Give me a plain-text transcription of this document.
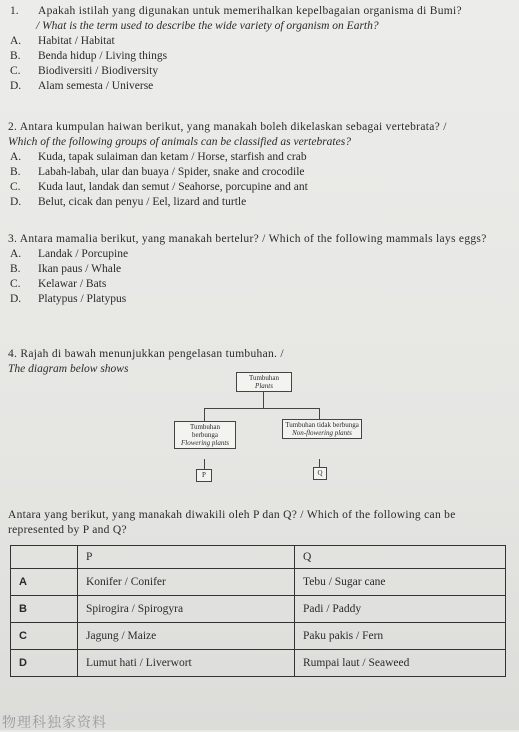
1.	Apakah istilah yang digunakan untuk memerihalkan kepelbagaian organisma di Bumi?
/ What is the term used to describe the wide variety of organism on Earth?
A.	Habitat / Habitat
B.	Benda hidup / Living things
C.	Biodiversiti / Biodiversity
D.	Alam semesta / Universe
2. Antara kumpulan haiwan berikut, yang manakah boleh dikelaskan sebagai vertebrata? /
Which of the following groups of animals can be classified as vertebrates?
A.	Kuda, tapak sulaiman dan ketam / Horse, starfish and crab
B.	Labah-labah, ular dan buaya / Spider, snake and crocodile
C.	Kuda laut, landak dan semut / Seahorse, porcupine and ant
D.	Belut, cicak dan penyu / Eel, lizard and turtle
3. Antara mamalia berikut, yang manakah bertelur? / Which of the following mammals lays eggs?
A.	Landak / Porcupine
B.	Ikan paus / Whale
C.	Kelawar / Bats
D.	Platypus / Platypus
4. Rajah di bawah menunjukkan pengelasan tumbuhan. /
The diagram below shows
Tumbuhan
Plants
Tumbuhan berbunga
Flowering plants
Tumbuhan tidak berbunga
Non-flowering plants
P	Q
Antara yang berikut, yang manakah diwakili oleh P dan Q? / Which of the following can be represented by P and Q?
	P	Q
A	Konifer / Conifer	Tebu / Sugar cane
B	Spirogira / Spirogyra	Padi / Paddy
C	Jagung / Maize	Paku pakis / Fern
D	Lumut hati / Liverwort	Rumpai laut / Seaweed
物理科独家资料
